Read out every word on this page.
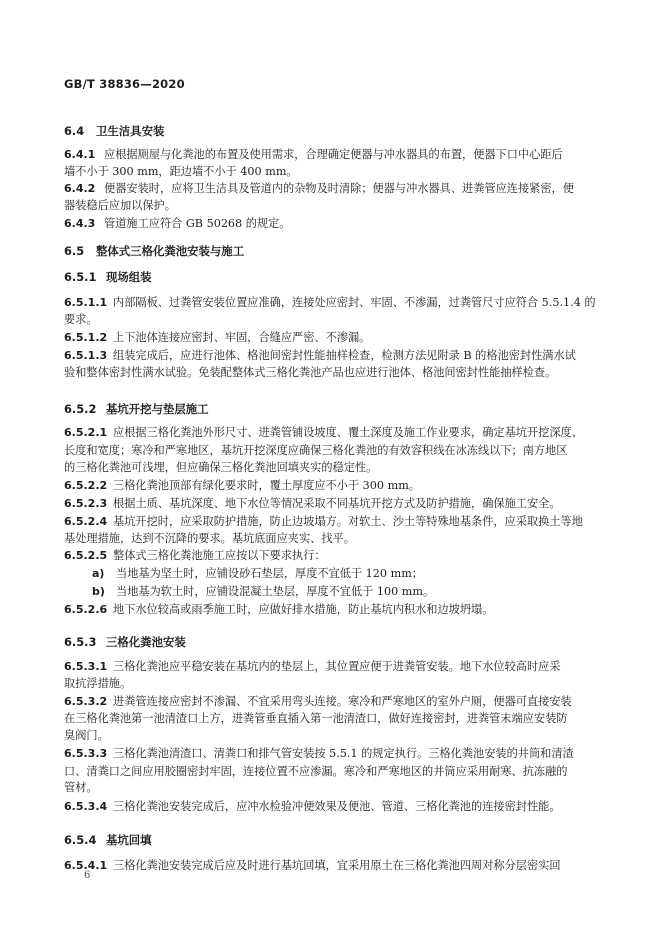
GB/T 38836—2020
6.4 卫生洁具安装
6.4.1 应根据厕屋与化粪池的布置及使用需求，合理确定便器与冲水器具的布置，便器下口中心距后
墙不小于 300 mm，距边墙不小于 400 mm。
6.4.2 便器安装时，应将卫生洁具及管道内的杂物及时清除；便器与冲水器具、进粪管应连接紧密，便
器装稳后应加以保护。
6.4.3 管道施工应符合 GB 50268 的规定。
6.5 整体式三格化粪池安装与施工
6.5.1 现场组装
6.5.1.1 内部隔板、过粪管安装位置应准确，连接处应密封、牢固、不渗漏，过粪管尺寸应符合 5.5.1.4 的
要求。
6.5.1.2 上下池体连接应密封、牢固，合缝应严密、不渗漏。
6.5.1.3 组装完成后，应进行池体、格池间密封性能抽样检查，检测方法见附录 B 的格池密封性满水试
验和整体密封性满水试验。免装配整体式三格化粪池产品也应进行池体、格池间密封性能抽样检查。
6.5.2 基坑开挖与垫层施工
6.5.2.1 应根据三格化粪池外形尺寸、进粪管铺设坡度、覆土深度及施工作业要求，确定基坑开挖深度、
长度和宽度；寒冷和严寒地区，基坑开挖深度应确保三格化粪池的有效容积线在冰冻线以下；南方地区
的三格化粪池可浅埋，但应确保三格化粪池回填夹实的稳定性。
6.5.2.2 三格化粪池顶部有绿化要求时，覆土厚度应不小于 300 mm。
6.5.2.3 根据土质、基坑深度、地下水位等情况采取不同基坑开挖方式及防护措施，确保施工安全。
6.5.2.4 基坑开挖时，应采取防护措施，防止边坡塌方。对软土、沙土等特殊地基条件，应采取换土等地
基处理措施，达到不沉降的要求。基坑底面应夹实、找平。
6.5.2.5 整体式三格化粪池施工应按以下要求执行：
a) 当地基为坚土时，应铺设砂石垫层，厚度不宜低于 120 mm；
b) 当地基为软土时，应铺设混凝土垫层，厚度不宜低于 100 mm。
6.5.2.6 地下水位较高或雨季施工时，应做好排水措施，防止基坑内积水和边坡坍塌。
6.5.3 三格化粪池安装
6.5.3.1 三格化粪池应平稳安装在基坑内的垫层上，其位置应便于进粪管安装。地下水位较高时应采
取抗浮措施。
6.5.3.2 进粪管连接应密封不渗漏、不宜采用弯头连接。寒冷和严寒地区的室外户厕，便器可直接安装
在三格化粪池第一池清渣口上方，进粪管垂直插入第一池清渣口，做好连接密封，进粪管末端应安装防
臭阀门。
6.5.3.3 三格化粪池清渣口、清粪口和排气管安装按 5.5.1 的规定执行。三格化粪池安装的井筒和清渣
口、清粪口之间应用胶圈密封牢固，连接位置不应渗漏。寒冷和严寒地区的井筒应采用耐寒、抗冻融的
管材。
6.5.3.4 三格化粪池安装完成后，应冲水检验冲便效果及便池、管道、三格化粪池的连接密封性能。
6.5.4 基坑回填
6.5.4.1 三格化粪池安装完成后应及时进行基坑回填，宜采用原土在三格化粪池四周对称分层密实回
6
